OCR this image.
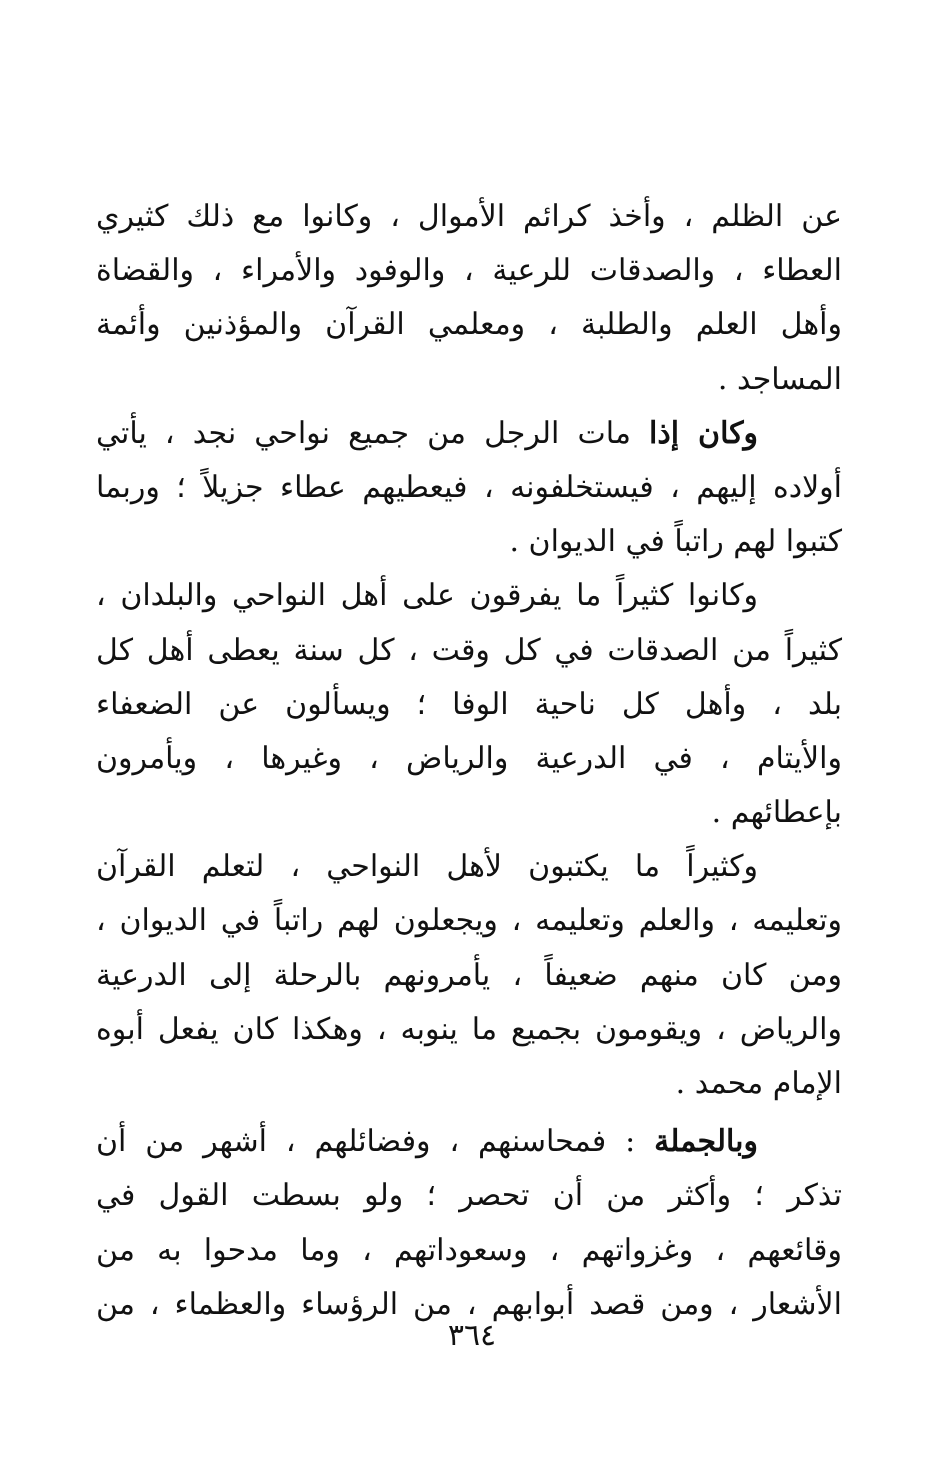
عن الظلم ، وأخذ كرائم الأموال ، وكانوا مع ذلك كثيري
العطاء ، والصدقات للرعية ، والوفود والأمراء ، والقضاة
وأهل العلم والطلبة ، ومعلمي القرآن والمؤذنين وأئمة
المساجد .
وكان إذا مات الرجل من جميع نواحي نجد ، يأتي
أولاده إليهم ، فيستخلفونه ، فيعطيهم عطاء جزيلاً ؛ وربما
كتبوا لهم راتباً في الديوان .
وكانوا كثيراً ما يفرقون على أهل النواحي والبلدان ،
كثيراً من الصدقات في كل وقت ، كل سنة يعطى أهل كل
بلد ، وأهل كل ناحية الوفا ؛ ويسألون عن الضعفاء
والأيتام ، في الدرعية والرياض ، وغيرها ، ويأمرون
بإعطائهم .
وكثيراً ما يكتبون لأهل النواحي ، لتعلم القرآن
وتعليمه ، والعلم وتعليمه ، ويجعلون لهم راتباً في الديوان ،
ومن كان منهم ضعيفاً ، يأمرونهم بالرحلة إلى الدرعية
والرياض ، ويقومون بجميع ما ينوبه ، وهكذا كان يفعل أبوه
الإمام محمد .
وبالجملة : فمحاسنهم ، وفضائلهم ، أشهر من أن
تذكر ؛ وأكثر من أن تحصر ؛ ولو بسطت القول في
وقائعهم ، وغزواتهم ، وسعوداتهم ، وما مدحوا به من
الأشعار ، ومن قصد أبوابهم ، من الرؤساء والعظماء ، من
٣٦٤
